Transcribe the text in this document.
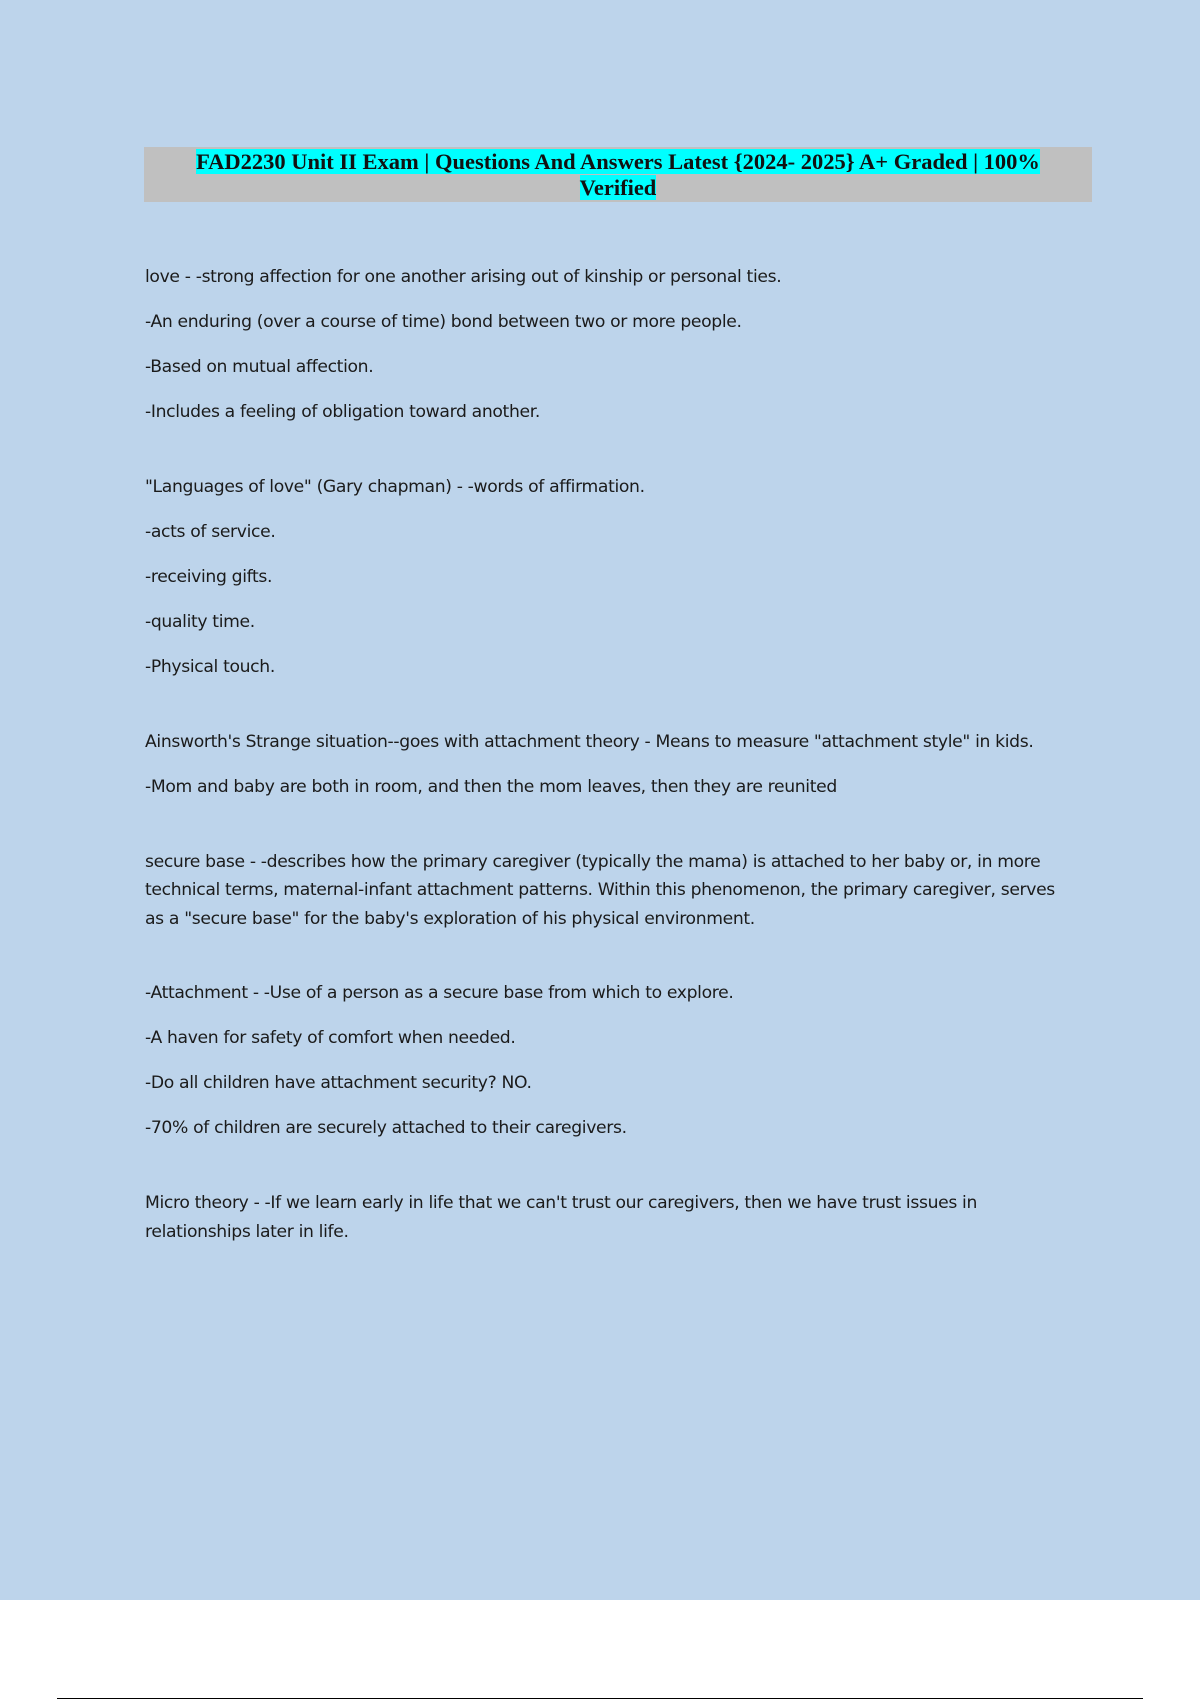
FAD2230 Unit II Exam | Questions And Answers Latest {2024- 2025} A+ Graded | 100%
Verified

love - -strong affection for one another arising out of kinship or personal ties.

-An enduring (over a course of time) bond between two or more people.

-Based on mutual affection.

-Includes a feeling of obligation toward another.

"Languages of love" (Gary chapman) - -words of affirmation.

-acts of service.

-receiving gifts.

-quality time.

-Physical touch.

Ainsworth's Strange situation--goes with attachment theory - Means to measure "attachment style" in kids.

-Mom and baby are both in room, and then the mom leaves, then they are reunited

secure base - -describes how the primary caregiver (typically the mama) is attached to her baby or, in more technical terms, maternal-infant attachment patterns. Within this phenomenon, the primary caregiver, serves as a "secure base" for the baby's exploration of his physical environment.

-Attachment - -Use of a person as a secure base from which to explore.

-A haven for safety of comfort when needed.

-Do all children have attachment security? NO.

-70% of children are securely attached to their caregivers.

Micro theory - -If we learn early in life that we can't trust our caregivers, then we have trust issues in relationships later in life.
